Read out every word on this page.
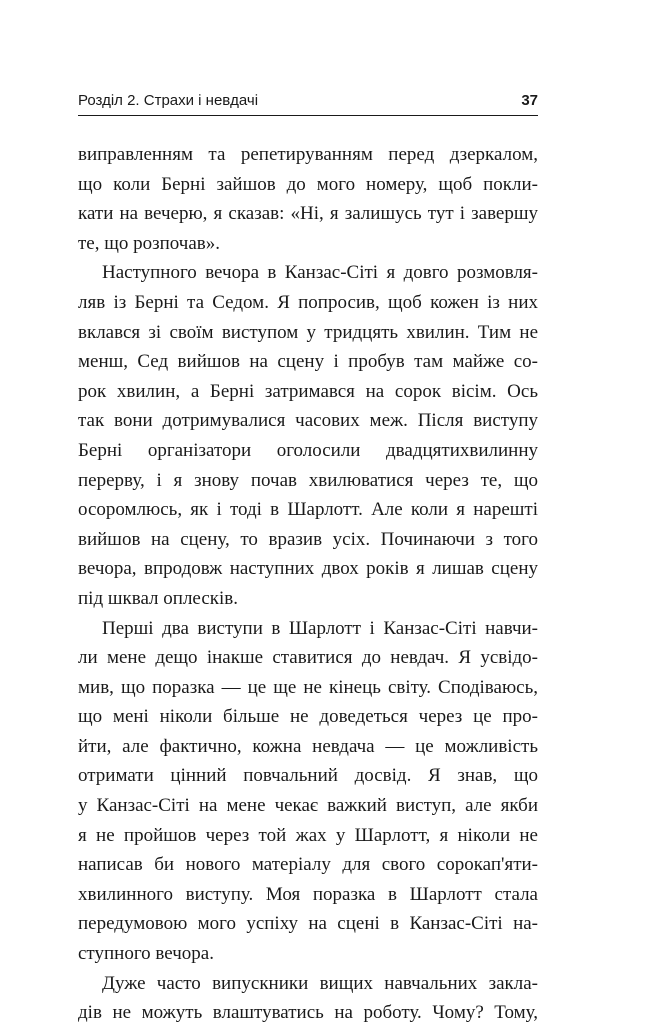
Розділ 2. Страхи і невдачі	37
виправленням та репетируванням перед дзеркалом,
що коли Берні зайшов до мого номеру, щоб покли-
кати на вечерю, я сказав: «Ні, я залишусь тут і завершу
те, що розпочав».
Наступного вечора в Канзас-Сіті я довго розмовля-
ляв із Берні та Седом. Я попросив, щоб кожен із них
вклався зі своїм виступом у тридцять хвилин. Тим не
менш, Сед вийшов на сцену і пробув там майже со-
рок хвилин, а Берні затримався на сорок вісім. Ось
так вони дотримувалися часових меж. Після виступу
Берні організатори оголосили двадцятихвилинну
перерву, і я знову почав хвилюватися через те, що
осоромлюсь, як і тоді в Шарлотт. Але коли я нарешті
вийшов на сцену, то вразив усіх. Починаючи з того
вечора, впродовж наступних двох років я лишав сцену
під шквал оплесків.
Перші два виступи в Шарлотт і Канзас-Сіті навчи-
ли мене дещо інакше ставитися до невдач. Я усвідо-
мив, що поразка — це ще не кінець світу. Сподіваюсь,
що мені ніколи більше не доведеться через це про-
йти, але фактично, кожна невдача — це можливість
отримати цінний повчальний досвід. Я знав, що
у Канзас-Сіті на мене чекає важкий виступ, але якби
я не пройшов через той жах у Шарлотт, я ніколи не
написав би нового матеріалу для свого сорокап'яти-
хвилинного виступу. Моя поразка в Шарлотт стала
передумовою мого успіху на сцені в Канзас-Сіті на-
ступного вечора.
Дуже часто випускники вищих навчальних закла-
дів не можуть влаштуватись на роботу. Чому? Тому,
